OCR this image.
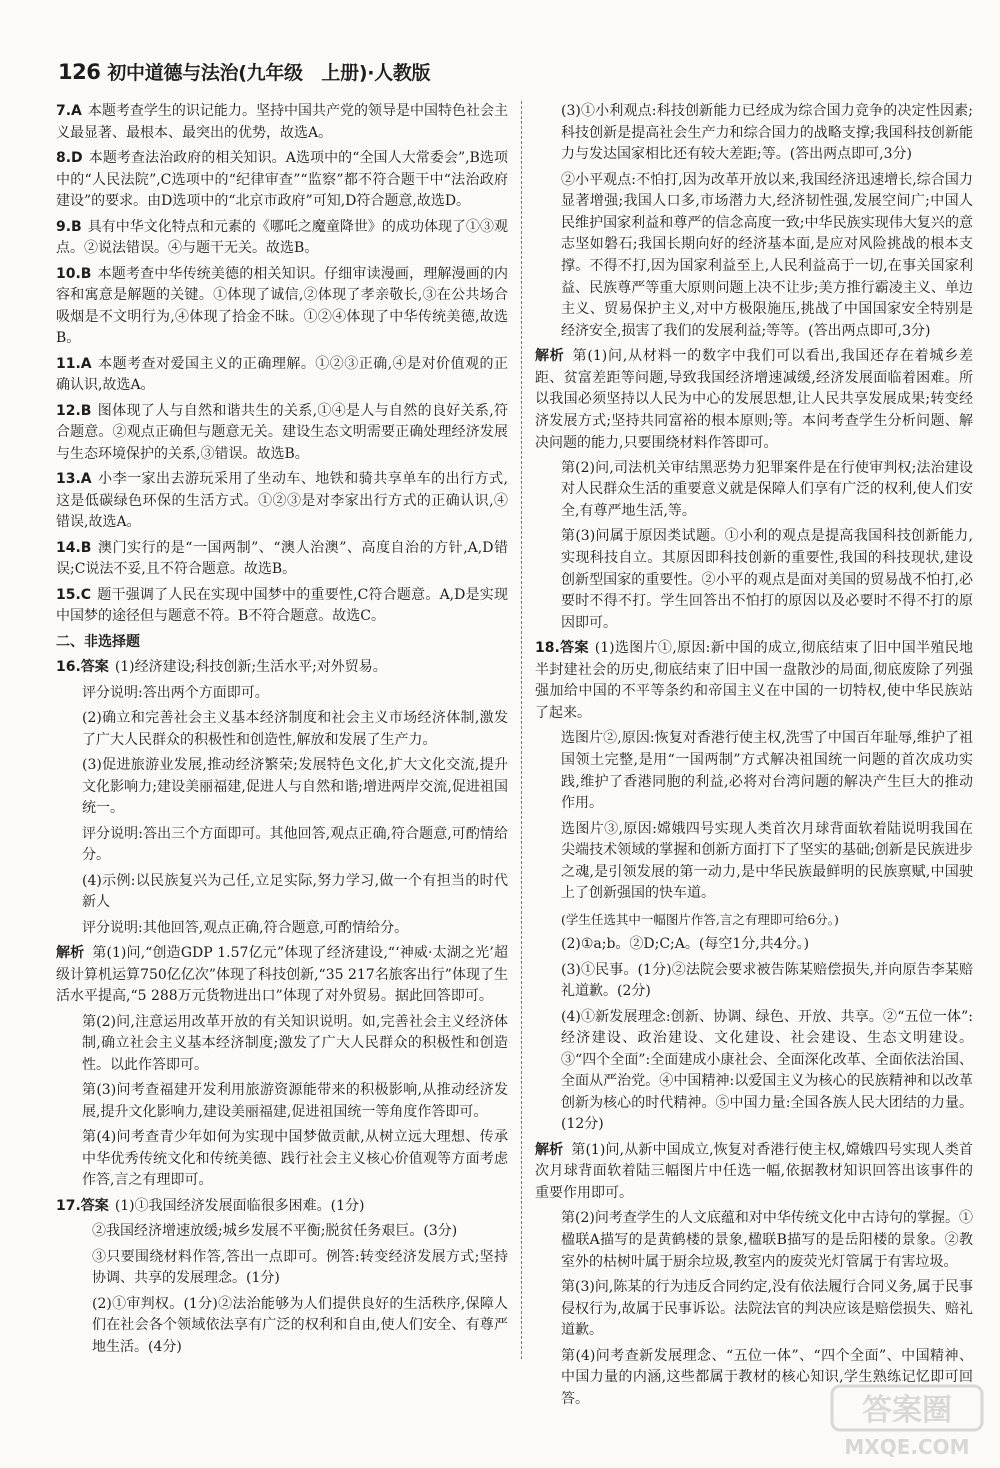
126 初中道德与法治(九年级　上册)·人教版

7.A 本题考查学生的识记能力。坚持中国共产党的领导是中国特色社会主义最显著、最根本、最突出的优势，故选A。

8.D 本题考查法治政府的相关知识。A选项中的“全国人大常委会”,B选项中的“人民法院”,C选项中的“纪律审查”“监察”都不符合题干中“法治政府建设”的要求。由D选项中的“北京市政府”可知,D符合题意,故选D。

9.B 具有中华文化特点和元素的《哪吒之魔童降世》的成功体现了①③观点。②说法错误。④与题干无关。故选B。

10.B 本题考查中华传统美德的相关知识。仔细审读漫画，理解漫画的内容和寓意是解题的关键。①体现了诚信,②体现了孝亲敬长,③在公共场合吸烟是不文明行为,④体现了拾金不昧。①②④体现了中华传统美德,故选B。

11.A 本题考查对爱国主义的正确理解。①②③正确,④是对价值观的正确认识,故选A。

12.B 图体现了人与自然和谐共生的关系,①④是人与自然的良好关系,符合题意。②观点正确但与题意无关。建设生态文明需要正确处理经济发展与生态环境保护的关系,③错误。故选B。

13.A 小李一家出去游玩采用了坐动车、地铁和骑共享单车的出行方式,这是低碳绿色环保的生活方式。①②③是对李家出行方式的正确认识,④错误,故选A。

14.B 澳门实行的是“一国两制”、“澳人治澳”、高度自治的方针,A,D错误;C说法不妥,且不符合题意。故选B。

15.C 题干强调了人民在实现中国梦中的重要性,C符合题意。A,D是实现中国梦的途径但与题意不符。B不符合题意。故选C。

二、非选择题

16.答案 (1)经济建设;科技创新;生活水平;对外贸易。

评分说明:答出两个方面即可。

(2)确立和完善社会主义基本经济制度和社会主义市场经济体制,激发了广大人民群众的积极性和创造性,解放和发展了生产力。

(3)促进旅游业发展,推动经济繁荣;发展特色文化,扩大文化交流,提升文化影响力;建设美丽福建,促进人与自然和谐;增进两岸交流,促进祖国统一。

评分说明:答出三个方面即可。其他回答,观点正确,符合题意,可酌情给分。

(4)示例:以民族复兴为己任,立足实际,努力学习,做一个有担当的时代新人

评分说明:其他回答,观点正确,符合题意,可酌情给分。

解析 第(1)问,“创造GDP 1.57亿元”体现了经济建设,“‘神威·太湖之光’超级计算机运算750亿亿次”体现了科技创新,“35 217名旅客出行”体现了生活水平提高,“5 288万元货物进出口”体现了对外贸易。据此回答即可。

第(2)问,注意运用改革开放的有关知识说明。如,完善社会主义经济体制,确立社会主义基本经济制度;激发了广大人民群众的积极性和创造性。以此作答即可。

第(3)问考查福建开发利用旅游资源能带来的积极影响,从推动经济发展,提升文化影响力,建设美丽福建,促进祖国统一等角度作答即可。

第(4)问考查青少年如何为实现中国梦做贡献,从树立远大理想、传承中华优秀传统文化和传统美德、践行社会主义核心价值观等方面考虑作答,言之有理即可。

17.答案 (1)①我国经济发展面临很多困难。(1分)

②我国经济增速放缓;城乡发展不平衡;脱贫任务艰巨。(3分)

③只要围绕材料作答,答出一点即可。例答:转变经济发展方式;坚持协调、共享的发展理念。(1分)

(2)①审判权。(1分)②法治能够为人们提供良好的生活秩序,保障人们在社会各个领域依法享有广泛的权利和自由,使人们安全、有尊严地生活。(4分)

(3)①小利观点:科技创新能力已经成为综合国力竞争的决定性因素;科技创新是提高社会生产力和综合国力的战略支撑;我国科技创新能力与发达国家相比还有较大差距;等。(答出两点即可,3分)

②小平观点:不怕打,因为改革开放以来,我国经济迅速增长,综合国力显著增强;我国人口多,市场潜力大,经济韧性强,发展空间广;中国人民维护国家利益和尊严的信念高度一致;中华民族实现伟大复兴的意志坚如磐石;我国长期向好的经济基本面,是应对风险挑战的根本支撑。不得不打,因为国家利益至上,人民利益高于一切,在事关国家利益、民族尊严等重大原则问题上决不让步;美方推行霸凌主义、单边主义、贸易保护主义,对中方极限施压,挑战了中国国家安全特别是经济安全,损害了我们的发展利益;等等。(答出两点即可,3分)

解析 第(1)问,从材料一的数字中我们可以看出,我国还存在着城乡差距、贫富差距等问题,导致我国经济增速减缓,经济发展面临着困难。所以我国必须坚持以人民为中心的发展思想,让人民共享发展成果;转变经济发展方式;坚持共同富裕的根本原则;等。本问考查学生分析问题、解决问题的能力,只要围绕材料作答即可。

第(2)问,司法机关审结黑恶势力犯罪案件是在行使审判权;法治建设对人民群众生活的重要意义就是保障人们享有广泛的权利,使人们安全,有尊严地生活,等。

第(3)问属于原因类试题。①小利的观点是提高我国科技创新能力,实现科技自立。其原因即科技创新的重要性,我国的科技现状,建设创新型国家的重要性。②小平的观点是面对美国的贸易战不怕打,必要时不得不打。学生回答出不怕打的原因以及必要时不得不打的原因即可。

18.答案 (1)选图片①,原因:新中国的成立,彻底结束了旧中国半殖民地半封建社会的历史,彻底结束了旧中国一盘散沙的局面,彻底废除了列强强加给中国的不平等条约和帝国主义在中国的一切特权,使中华民族站了起来。

选图片②,原因:恢复对香港行使主权,洗雪了中国百年耻辱,维护了祖国领土完整,是用“一国两制”方式解决祖国统一问题的首次成功实践,维护了香港同胞的利益,必将对台湾问题的解决产生巨大的推动作用。

选图片③,原因:嫦娥四号实现人类首次月球背面软着陆说明我国在尖端技术领域的掌握和创新方面打下了坚实的基础;创新是民族进步之魂,是引领发展的第一动力,是中华民族最鲜明的民族禀赋,中国驶上了创新强国的快车道。

(学生任选其中一幅图片作答,言之有理即可给6分。)

(2)①a;b。②D;C;A。(每空1分,共4分。)

(3)①民事。(1分)②法院会要求被告陈某赔偿损失,并向原告李某赔礼道歉。(2分)

(4)①新发展理念:创新、协调、绿色、开放、共享。②“五位一体”:经济建设、政治建设、文化建设、社会建设、生态文明建设。③“四个全面”:全面建成小康社会、全面深化改革、全面依法治国、全面从严治党。④中国精神:以爱国主义为核心的民族精神和以改革创新为核心的时代精神。⑤中国力量:全国各族人民大团结的力量。(12分)

解析 第(1)问,从新中国成立,恢复对香港行使主权,嫦娥四号实现人类首次月球背面软着陆三幅图片中任选一幅,依据教材知识回答出该事件的重要作用即可。

第(2)问考查学生的人文底蕴和对中华传统文化中古诗句的掌握。①楹联A描写的是黄鹤楼的景象,楹联B描写的是岳阳楼的景象。②教室外的枯树叶属于厨余垃圾,教室内的废荧光灯管属于有害垃圾。

第(3)问,陈某的行为违反合同约定,没有依法履行合同义务,属于民事侵权行为,故属于民事诉讼。法院法官的判决应该是赔偿损失、赔礼道歉。

第(4)问考查新发展理念、“五位一体”、“四个全面”、中国精神、中国力量的内涵,这些都属于教材的核心知识,学生熟练记忆即可回答。	答案圈
MXQE.COM
